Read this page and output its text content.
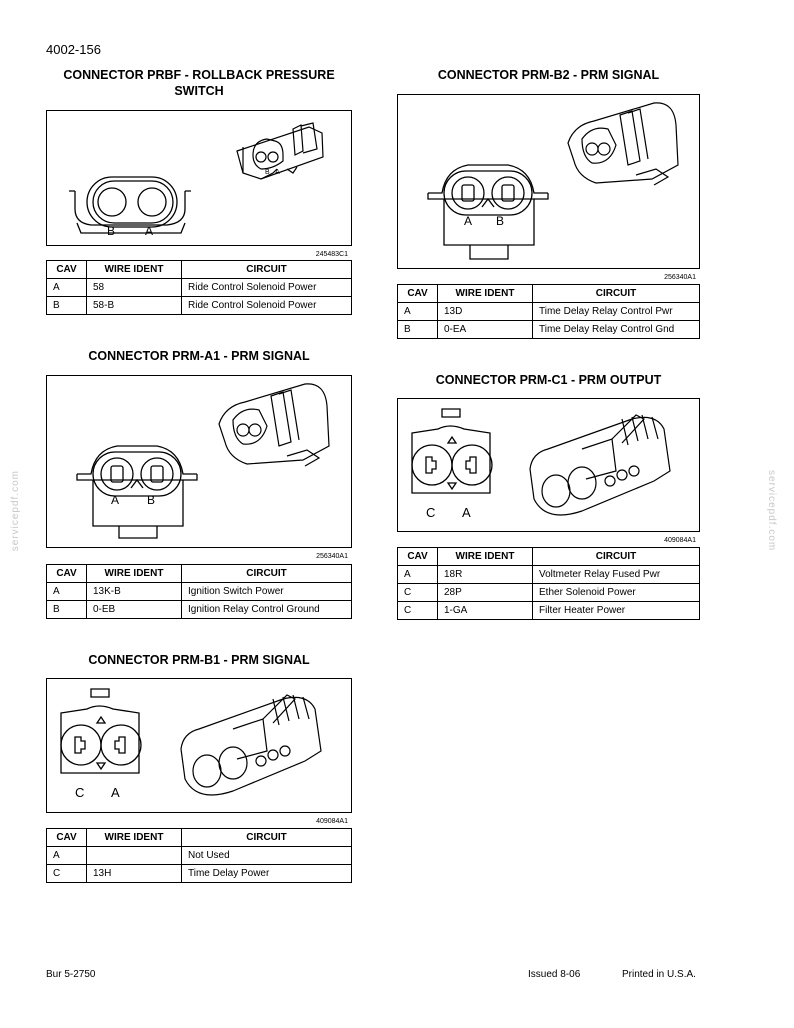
4002-156
CONNECTOR PRBF - ROLLBACK PRESSURE
SWITCH
B A
B A
245483C1
CAV	WIRE IDENT	CIRCUIT
A	58	Ride Control Solenoid Power
B	58-B	Ride Control Solenoid Power
CONNECTOR PRM-A1 - PRM SIGNAL
A B
256340A1
CAV	WIRE IDENT	CIRCUIT
A	13K-B	Ignition Switch Power
B	0-EB	Ignition Relay Control Ground
CONNECTOR PRM-B1 - PRM SIGNAL
C A
409084A1
CAV	WIRE IDENT	CIRCUIT
A		Not Used
C	13H	Time Delay Power
CONNECTOR PRM-B2 - PRM SIGNAL
A B
256340A1
CAV	WIRE IDENT	CIRCUIT
A	13D	Time Delay Relay Control Pwr
B	0-EA	Time Delay Relay Control Gnd
CONNECTOR PRM-C1 - PRM OUTPUT
C A
409084A1
CAV	WIRE IDENT	CIRCUIT
A	18R	Voltmeter Relay Fused Pwr
C	28P	Ether Solenoid Power
C	1-GA	Filter Heater Power
servicepdf.com	servicepdf.com
Bur 5-2750	Issued 8-06	Printed in U.S.A.
